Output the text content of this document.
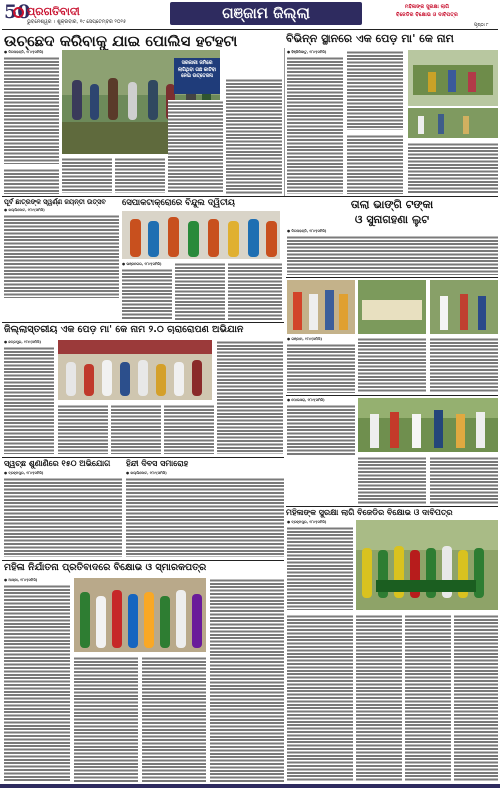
50
ପ୍ରଗତିବାଦୀ
ଭୁବନେଶ୍ୱର । ଶୁକ୍ରବାର, ୧୯ ସେପ୍ଟେମ୍ବର ୨୦୨୫	ଗଞ୍ଜାମ ଜିଲ୍ଲା	ମହିଳାଙ୍କ ସୁରକ୍ଷା ଲାଗି
ବିଜେଡିର ବିକ୍ଷୋଭ ଓ ଦାବିପତ୍ର
ପୃଷ୍ଠା ୮
ଉଚ୍ଛେଦ କରିବାକୁ ଯାଇ ପୋଲିସ ହଟହଟା
● ଦିଗପହଣ୍ଡି, ୧୮ା୯(ସମିସି)
ସରକାରୀ ଜମିରେ ଲାଗିଥିବା ଗଛ କାଟିବା ନେଇ ଉତ୍ତେଜନା
ବିଭିନ୍ନ ସ୍ଥାନରେ ଏକ ପେଡ଼ ମା' କେ ନାମ
● ହିଞ୍ଜିଳିକାଟୁ, ୧୮ା୯(ସମିସି)
ପୂର୍ବ ଛାତ୍ରଙ୍କ ସ୍ୱର୍ଣ୍ଣ ଜୟନ୍ତୀ ଉତ୍ସବ
● ଖଲ୍ଲିକୋଟ, ୧୮ା୯(ସମିସି)
ସେପାକଟାକ୍ରୋରେ ବିନ୍ଦୁଲ ଦ୍ୱିତୀୟ
● ଭଞ୍ଜନଗର, ୧୮ା୯(ସମିସି)
ତାଲା ଭାଙ୍ଗି ଟଙ୍କା
ଓ ସୁନାଗହଣା ଲୁଟ
● ଦିଗପହଣ୍ଡି, ୧୮ା୯(ସମିସି)
● ଗଞ୍ଜାମ, ୧୮ା୯(ସମିସି)
ଜିଲ୍ଲାସ୍ତରୀୟ ଏକ ପେଡ଼ ମା' କେ ନାମ ୨.୦ ଚାରାରୋପଣ ଅଭିଯାନ
● ଛତ୍ରପୁର, ୧୮ା୯(ସମିସି)
● ପୋଲସରା, ୧୮ା୯(ସମିସି)
ସ୍ୱଚ୍ଛ ଶୁଣାଣିରେ ୧୫୦ ଅଭିଯୋଗ
● ବ୍ରହ୍ମପୁର, ୧୮ା୯(ସମିସି)
ହିନ୍ଦୀ ଦିବସ ସମାରୋହ
● ଖଲ୍ଲିକୋଟ, ୧୮ା୯(ସମିସି)
ମହିଳାଙ୍କ ସୁରକ୍ଷା ଲାଗି ବିଜେଡିର ବିକ୍ଷୋଭ ଓ ଦାବିପତ୍ର
● ବ୍ରହ୍ମପୁର, ୧୮ା୯(ସମିସି)
ମହିଳା ନିର୍ଯାତନା ପ୍ରତିବାଦରେ ବିକ୍ଷୋଭ ଓ ସ୍ମାରକପତ୍ର
● ଆସ୍କା, ୧୮ା୯(ସମିସି)
